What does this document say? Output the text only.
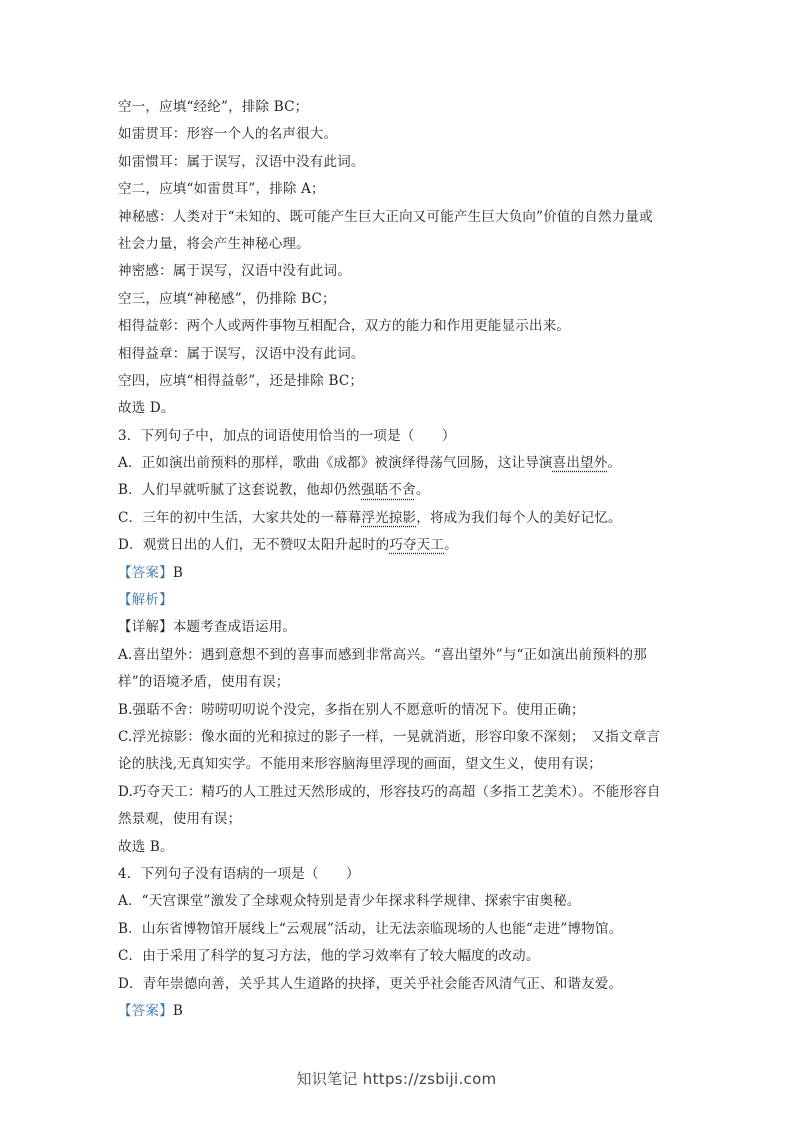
空一，应填“经纶”，排除 BC；
如雷贯耳：形容一个人的名声很大。
如雷惯耳：属于误写，汉语中没有此词。
空二，应填“如雷贯耳”，排除 A；
神秘感：人类对于“未知的、既可能产生巨大正向又可能产生巨大负向”价值的自然力量或
社会力量，将会产生神秘心理。
神密感：属于误写，汉语中没有此词。
空三，应填“神秘感”，仍排除 BC；
相得益彰：两个人或两件事物互相配合，双方的能力和作用更能显示出来。
相得益章：属于误写，汉语中没有此词。
空四，应填“相得益彰”，还是排除 BC；
故选 D。
3．下列句子中，加点的词语使用恰当的一项是（　　）
A．正如演出前预料的那样，歌曲《成都》被演绎得荡气回肠，这让导演喜出望外。
B．人们早就听腻了这套说教，他却仍然强聒不舍。
C．三年的初中生活，大家共处的一幕幕浮光掠影，将成为我们每个人的美好记忆。
D．观赏日出的人们，无不赞叹太阳升起时的巧夺天工。
【答案】B
【解析】
【详解】本题考查成语运用。
A.喜出望外：遇到意想不到的喜事而感到非常高兴。“喜出望外”与“正如演出前预料的那
样”的语境矛盾，使用有误；
B.强聒不舍：唠唠叨叨说个没完，多指在别人不愿意听的情况下。使用正确；
C.浮光掠影：像水面的光和掠过的影子一样，一晃就消逝，形容印象不深刻；　又指文章言
论的肤浅,无真知实学。不能用来形容脑海里浮现的画面，望文生义，使用有误；
D.巧夺天工：精巧的人工胜过天然形成的，形容技巧的高超（多指工艺美术）。不能形容自
然景观，使用有误；
故选 B。
4．下列句子没有语病的一项是（　　）
A．“天宫课堂”激发了全球观众特别是青少年探求科学规律、探索宇宙奥秘。
B．山东省博物馆开展线上“云观展”活动，让无法亲临现场的人也能“走进”博物馆。
C．由于采用了科学的复习方法，他的学习效率有了较大幅度的改动。
D．青年崇德向善，关乎其人生道路的抉择，更关乎社会能否风清气正、和谐友爱。
【答案】B
知识笔记 https://zsbiji.com
